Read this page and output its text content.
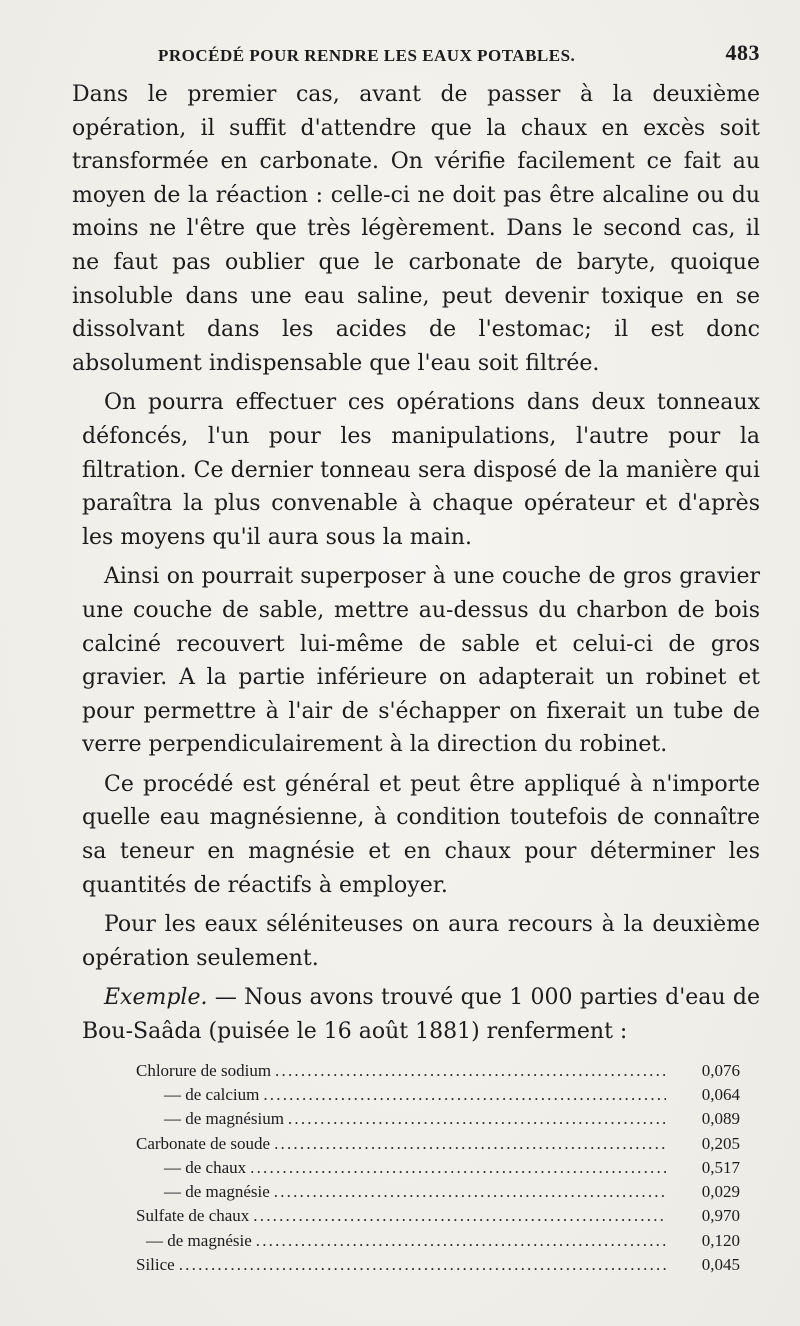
PROCÉDÉ POUR RENDRE LES EAUX POTABLES.	483

Dans le premier cas, avant de passer à la deuxième opération, il suffit d'attendre que la chaux en excès soit transformée en carbonate. On vérifie facilement ce fait au moyen de la réaction : celle-ci ne doit pas être alcaline ou du moins ne l'être que très légèrement. Dans le second cas, il ne faut pas oublier que le carbonate de baryte, quoique insoluble dans une eau saline, peut devenir toxique en se dissolvant dans les acides de l'estomac; il est donc absolument indispensable que l'eau soit filtrée.

On pourra effectuer ces opérations dans deux tonneaux défoncés, l'un pour les manipulations, l'autre pour la filtration. Ce dernier tonneau sera disposé de la manière qui paraîtra la plus convenable à chaque opérateur et d'après les moyens qu'il aura sous la main.

Ainsi on pourrait superposer à une couche de gros gravier une couche de sable, mettre au-dessus du charbon de bois calciné recouvert lui-même de sable et celui-ci de gros gravier. A la partie inférieure on adapterait un robinet et pour permettre à l'air de s'échapper on fixerait un tube de verre perpendiculairement à la direction du robinet.

Ce procédé est général et peut être appliqué à n'importe quelle eau magnésienne, à condition toutefois de connaître sa teneur en magnésie et en chaux pour déterminer les quantités de réactifs à employer.

Pour les eaux séléniteuses on aura recours à la deuxième opération seulement.

Exemple. — Nous avons trouvé que 1 000 parties d'eau de Bou-Saâda (puisée le 16 août 1881) renferment :

Chlorure de sodium .....	0,076
— de calcium .....	0,064
— de magnésium .....	0,089
Carbonate de soude .....	0,205
— de chaux .....	0,517
— de magnésie .....	0,029
Sulfate de chaux .....	0,970
— de magnésie .....	0,120
Silice .....	0,045
